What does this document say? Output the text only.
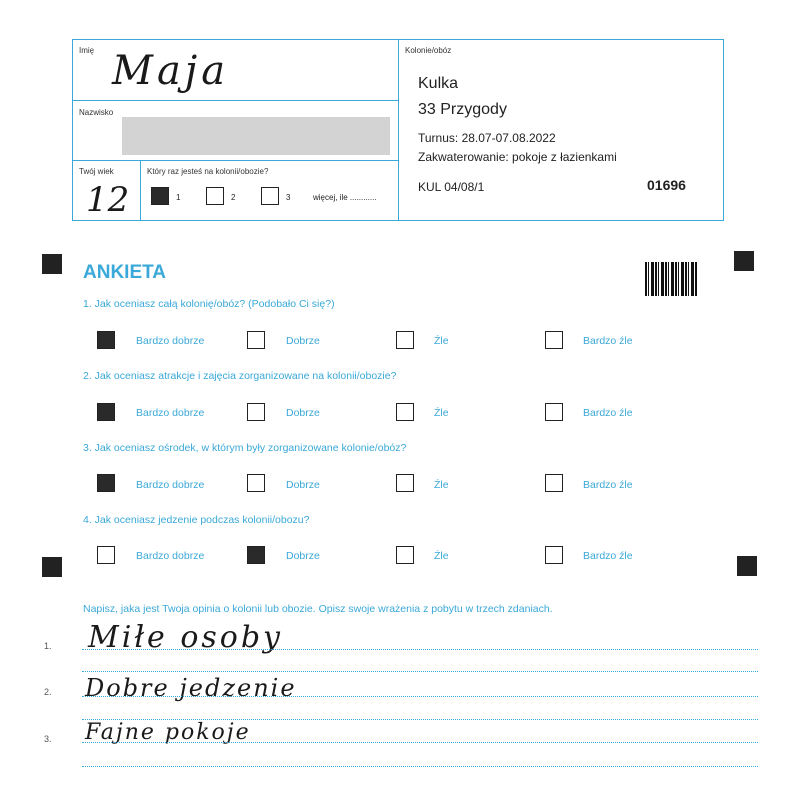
Imię Maja
Nazwisko
Twój wiek
12
Który raz jesteś na kolonii/obozie?
1	2	3	więcej, ile ............
Kolonie/obóz
Kulka
33 Przygody
Turnus: 28.07-07.08.2022
Zakwaterowanie: pokoje z łazienkami
KUL 04/08/1	01696
ANKIETA
1. Jak oceniasz całą kolonię/obóz? (Podobało Ci się?)
Bardzo dobrze	Dobrze	Źle	Bardzo źle
2. Jak oceniasz atrakcje i zajęcia zorganizowane na kolonii/obozie?
Bardzo dobrze	Dobrze	Źle	Bardzo źle
3. Jak oceniasz ośrodek, w którym były zorganizowane kolonie/obóz?
Bardzo dobrze	Dobrze	Źle	Bardzo źle
4. Jak oceniasz jedzenie podczas kolonii/obozu?
Bardzo dobrze	Dobrze	Źle	Bardzo źle
Napisz, jaka jest Twoja opinia o kolonii lub obozie. Opisz swoje wrażenia z pobytu w trzech zdaniach.
1. Miłe osoby
2. Dobre jedzenie
3. Fajne pokoje
